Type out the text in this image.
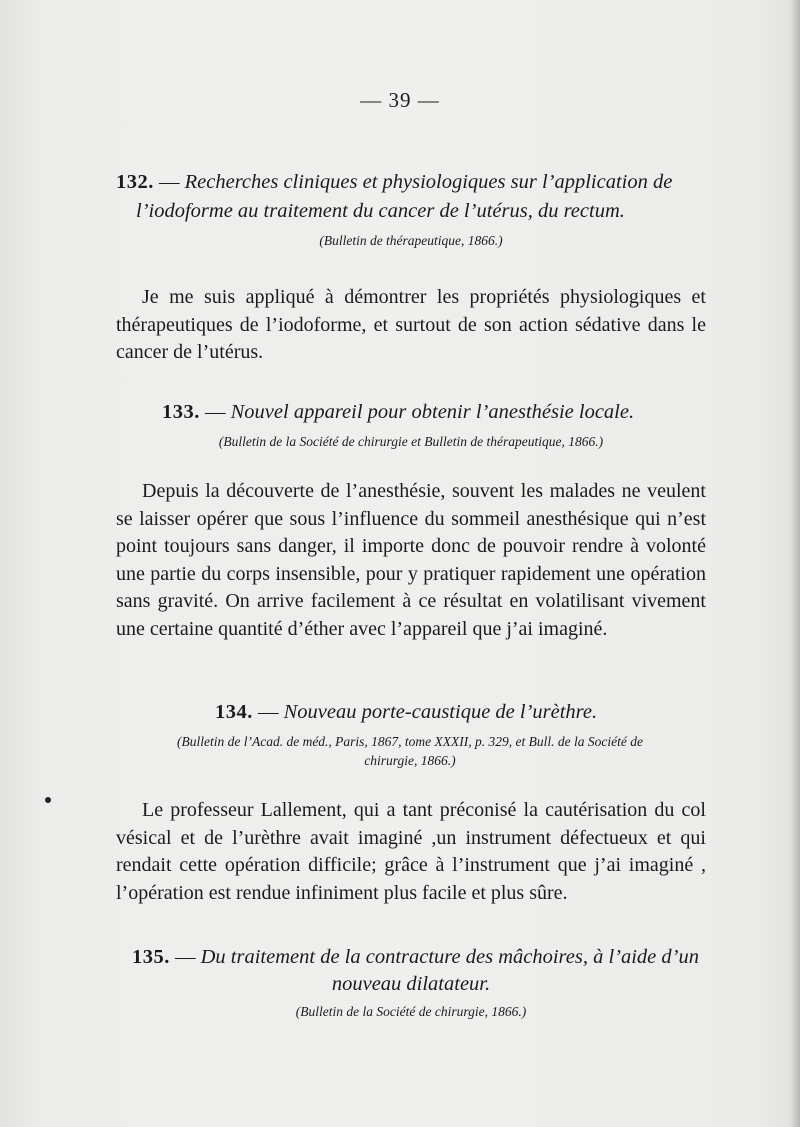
— 39 —
132. — Recherches cliniques et physiologiques sur l’application de
l’iodoforme au traitement du cancer de l’utérus, du rectum.
(Bulletin de thérapeutique, 1866.)

Je me suis appliqué à démontrer les propriétés physiologiques et thérapeutiques de l’iodoforme, et surtout de son action sédative dans le cancer de l’utérus.

133. — Nouvel appareil pour obtenir l’anesthésie locale.
(Bulletin de la Société de chirurgie et Bulletin de thérapeutique, 1866.)

Depuis la découverte de l’anesthésie, souvent les malades ne veulent se laisser opérer que sous l’influence du sommeil anesthésique qui n’est point toujours sans danger, il importe donc de pouvoir rendre à volonté une partie du corps insensible, pour y pratiquer rapidement une opération sans gravité. On arrive facilement à ce résultat en volatilisant vivement une certaine quantité d’éther avec l’appareil que j’ai imaginé.

134. — Nouveau porte-caustique de l’urèthre.
(Bulletin de l’Acad. de méd., Paris, 1867, tome XXXII, p. 329, et Bull. de la Société de
chirurgie, 1866.)

Le professeur Lallement, qui a tant préconisé la cautérisation du col vésical et de l’urèthre avait imaginé ,un instrument défectueux et qui rendait cette opération difficile; grâce à l’instrument que j’ai imaginé , l’opération est rendue infiniment plus facile et plus sûre.

135. — Du traitement de la contracture des mâchoires, à l’aide d’un
nouveau dilatateur.
(Bulletin de la Société de chirurgie, 1866.)
